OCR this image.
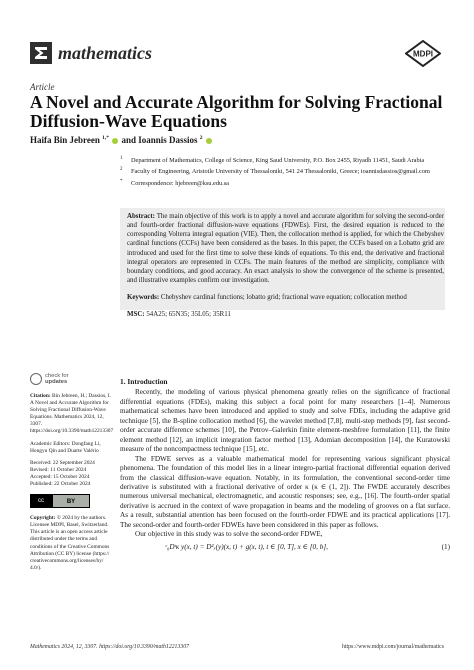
mathematics	MDPI
Article
A Novel and Accurate Algorithm for Solving Fractional Diffusion-Wave Equations
Haifa Bin Jebreen $^{1,*}$ and Ioannis Dassios $^2$
1 Department of Mathematics, College of Science, King Saud University, P.O. Box 2455, Riyadh 11451, Saudi Arabia
2 Faculty of Engineering, Aristotle University of Thessaloniki, 541 24 Thessaloniki, Greece; ioannisdassios@gmail.com
* Correspondence: hjebreen@ksu.edu.sa
Abstract: The main objective of this work is to apply a novel and accurate algorithm for solving the second-order and fourth-order fractional diffusion-wave equations (FDWEs). First, the desired equation is reduced to the corresponding Volterra integral equation (VIE). Then, the collocation method is applied, for which the Chebyshev cardinal functions (CCFs) have been considered as the bases. In this paper, the CCFs based on a Lobatto grid are introduced and used for the first time to solve these kinds of equations. To this end, the derivative and fractional integral operators are represented in CCFs. The main features of the method are simplicity, compliance with boundary conditions, and good accuracy. An exact analysis to show the convergence of the scheme is presented, and illustrative examples confirm our investigation.
Keywords: Chebyshev cardinal functions; lobatto grid; fractional wave equation; collocation method
MSC: 54A25; 65N35; 35L05; 35R11
check for
updates
Citation: Bin Jebreen, H.; Dassios, I. A Novel and Accurate Algorithm for Solving Fractional Diffusion-Wave Equations. Mathematics 2024, 12, 3307. https://doi.org/10.3390/math12213307
Academic Editors: Dongfang Li, Hongyu Qin and Duarte Valério
Received: 22 September 2024
Revised: 11 October 2024
Accepted: 15 October 2024
Published: 22 October 2024
cc	BY
Copyright: © 2024 by the authors. Licensee MDPI, Basel, Switzerland. This article is an open access article distributed under the terms and conditions of the Creative Commons Attribution (CC BY) license (https:// creativecommons.org/licenses/by/ 4.0/).
1. Introduction

Recently, the modeling of various physical phenomena greatly relies on the significance of fractional differential equations (FDEs), making this subject a focal point for many researchers [1–4]. Numerous mathematical schemes have been introduced and applied to study and solve FDEs, including the adaptive grid technique [5], the B-spline collocation method [6], the wavelet method [7,8], multi-step methods [9], fast second-order accurate difference schemes [10], the Petrov–Galerkin finite element-meshfree formulation [11], the finite element method [12], an implicit integration factor method [13], Adomian decomposition [14], the Kuratowski measure of the noncompactness technique [15], etc.

The FDWE serves as a valuable mathematical model for representing various significant physical phenomena. The foundation of this model lies in a linear integro-partial fractional differential equation derived from the classical diffusion-wave equation. Notably, in its formulation, the conventional second-order time derivative is substituted with a fractional derivative of order κ (κ ∈ (1, 2]). The FWDE accurately describes numerous universal mechanical, electromagnetic, and acoustic responses; see, e.g., [16]. The fourth-order spatial derivative is accrued in the context of wave propagation in beams and the modeling of grooves on a flat surface. As a result, substantial attention has been focused on the fourth-order FDWE and its practical applications [17]. The second-order and fourth-order FDWEs have been considered in this paper as follows.

Our objective in this study was to solve the second-order FDWE,

ᶜ₀Dᵗκ y(x, t) = D²ₓ(y)(x, t) + g(x, t), t ∈ [0, T], x ∈ [0, b],	(1)
Mathematics 2024, 12, 3307. https://doi.org/10.3390/math12213307	https://www.mdpi.com/journal/mathematics
